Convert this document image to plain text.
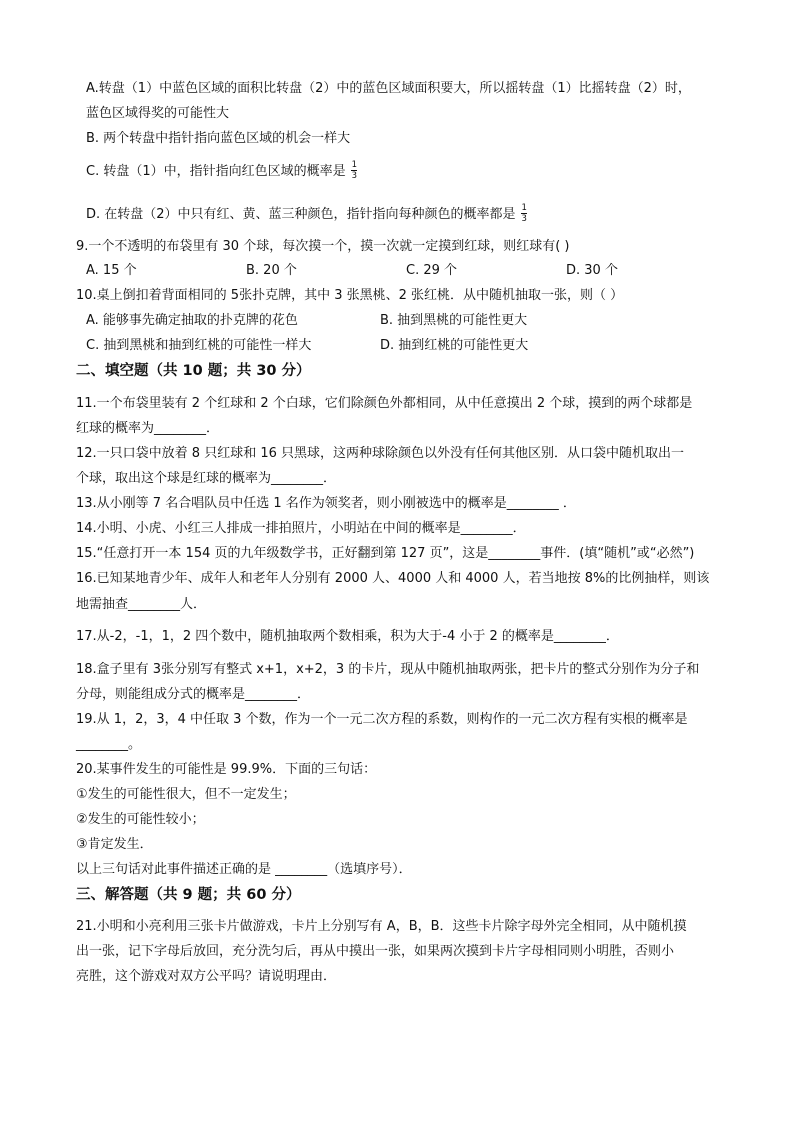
A.转盘（1）中蓝色区域的面积比转盘（2）中的蓝色区域面积要大，所以摇转盘（1）比摇转盘（2）时，
蓝色区域得奖的可能性大
B. 两个转盘中指针指向蓝色区域的机会一样大
C. 转盘（1）中，指针指向红色区域的概率是 $\frac{1}{3}$
D. 在转盘（2）中只有红、黄、蓝三种颜色，指针指向每种颜色的概率都是 $\frac{1}{3}$
9.一个不透明的布袋里有 30 个球，每次摸一个，摸一次就一定摸到红球，则红球有( )
A. 15 个	B. 20 个	C. 29 个	D. 30 个
10.桌上倒扣着背面相同的 5张扑克牌，其中 3 张黑桃、2 张红桃．从中随机抽取一张，则（ ）
A. 能够事先确定抽取的扑克牌的花色	B. 抽到黑桃的可能性更大
C. 抽到黑桃和抽到红桃的可能性一样大	D. 抽到红桃的可能性更大
二、填空题（共 10 题；共 30 分）
11.一个布袋里装有 2 个红球和 2 个白球，它们除颜色外都相同，从中任意摸出 2 个球，摸到的两个球都是
红球的概率为________．
12.一只口袋中放着 8 只红球和 16 只黑球，这两种球除颜色以外没有任何其他区别．从口袋中随机取出一
个球，取出这个球是红球的概率为________．
13.从小刚等 7 名合唱队员中任选 1 名作为领奖者，则小刚被选中的概率是________ ．
14.小明、小虎、小红三人排成一排拍照片，小明站在中间的概率是________．
15.“任意打开一本 154 页的九年级数学书，正好翻到第 127 页”，这是________事件．(填“随机”或“必然”)
16.已知某地青少年、成年人和老年人分别有 2000 人、4000 人和 4000 人，若当地按 8%的比例抽样，则该
地需抽查________人．
17.从-2，-1，1，2 四个数中，随机抽取两个数相乘，积为大于-4 小于 2 的概率是________．
18.盒子里有 3张分别写有整式 x+1，x+2，3 的卡片，现从中随机抽取两张，把卡片的整式分别作为分子和
分母，则能组成分式的概率是________．
19.从 1，2，3，4 中任取 3 个数，作为一个一元二次方程的系数，则构作的一元二次方程有实根的概率是
________。
20.某事件发生的可能性是 99.9%．下面的三句话：
①发生的可能性很大，但不一定发生；
②发生的可能性较小；
③肯定发生．
以上三句话对此事件描述正确的是 ________（选填序号）．
三、解答题（共 9 题；共 60 分）
21.小明和小亮利用三张卡片做游戏，卡片上分别写有 A，B，B．这些卡片除字母外完全相同，从中随机摸
出一张，记下字母后放回，充分洗匀后，再从中摸出一张，如果两次摸到卡片字母相同则小明胜，否则小
亮胜，这个游戏对双方公平吗？请说明理由．
